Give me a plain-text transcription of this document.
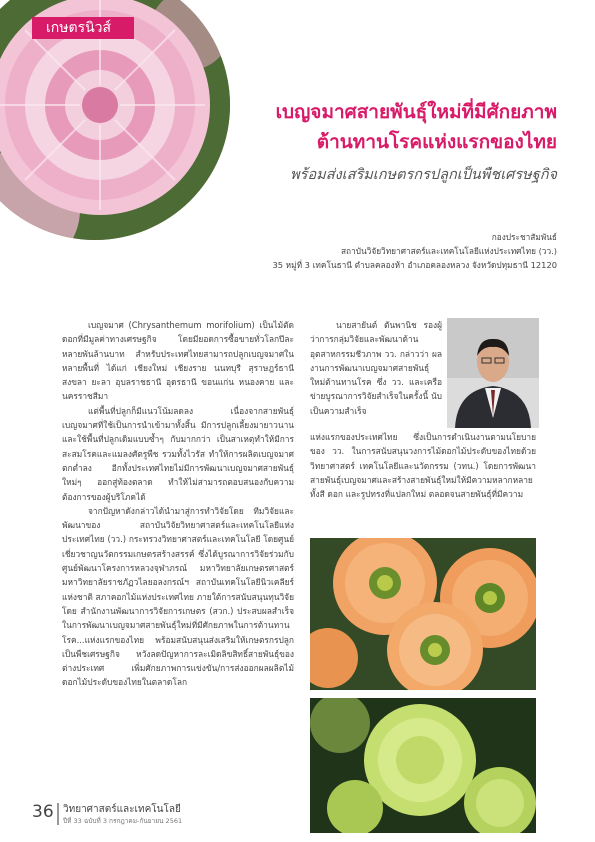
เกษตรนิวส์
เบญจมาศสายพันธุ์ใหม่ที่มีศักยภาพ
ต้านทานโรคแห่งแรกของไทย
พร้อมส่งเสริมเกษตรกรปลูกเป็นพืชเศรษฐกิจ
กองประชาสัมพันธ์
สถาบันวิจัยวิทยาศาสตร์และเทคโนโลยีแห่งประเทศไทย (วว.)
35 หมู่ที่ 3 เทคโนธานี ตำบลคลองห้า อำเภอคลองหลวง จังหวัดปทุมธานี 12120

เบญจมาศ (Chrysanthemum morifolium) เป็นไม้ตัดดอกที่มีมูลค่าทางเศรษฐกิจ โดยมียอดการซื้อขายทั่วโลกปีละหลายพันล้านบาท สำหรับประเทศไทยสามารถปลูกเบญจมาศในหลายพื้นที่ ได้แก่ เชียงใหม่ เชียงราย นนทบุรี สุราษฎร์ธานี สงขลา ยะลา อุบลราชธานี อุดรธานี ขอนแก่น หนองคาย และนครราชสีมา

แต่พื้นที่ปลูกก็มีแนวโน้มลดลง เนื่องจากสายพันธุ์เบญจมาศที่ใช้เป็นการนำเข้ามาทั้งสิ้น มีการปลูกเลี้ยงมายาวนานและใช้พื้นที่ปลูกเดิมแบบซ้ำๆ กับมากกว่า เป็นสาเหตุทำให้มีการสะสมโรคและแมลงศัตรูพืช รวมทั้งไวรัส ทำให้การผลิตเบญจมาศตกต่ำลง อีกทั้งประเทศไทยไม่มีการพัฒนาเบญจมาศสายพันธุ์ใหม่ๆ ออกสู่ท้องตลาด ทำให้ไม่สามารถตอบสนองกับความต้องการของผู้บริโภคได้

จากปัญหาดังกล่าวได้นำมาสู่การทำวิจัยโดย ทีมวิจัยและพัฒนาของ สถาบันวิจัยวิทยาศาสตร์และเทคโนโลยีแห่งประเทศไทย (วว.) กระทรวงวิทยาศาสตร์และเทคโนโลยี โดยศูนย์เชี่ยวชาญนวัตกรรมเกษตรสร้างสรรค์ ซึ่งได้บูรณาการวิจัยร่วมกับศูนย์พัฒนาโครงการหลวงจุฬาภรณ์ มหาวิทยาลัยเกษตรศาสตร์ มหาวิทยาลัยราชภัฏวไลยอลงกรณ์ฯ สถาบันเทคโนโลยีนิวเคลียร์แห่งชาติ สภาคอกไม้แห่งประเทศไทย ภายใต้การสนับสนุนทุนวิจัยโดย สำนักงานพัฒนาการวิจัยการเกษตร (สวก.) ประสบผลสำเร็จในการพัฒนาเบญจมาศสายพันธุ์ใหม่ที่มีศักยภาพในการต้านทานโรค...แห่งแรกของไทย พร้อมสนับสนุนส่งเสริมให้เกษตรกรปลูกเป็นพืชเศรษฐกิจ หวังลดปัญหาการละเมิดลิขสิทธิ์สายพันธุ์ของต่างประเทศ เพิ่มศักยภาพการแข่งขัน/การส่งออกผลผลิตไม้ดอกไม้ประดับของไทยในตลาดโลก

นายสายันต์ ตันพานิช รองผู้ว่าการกลุ่มวิจัยและพัฒนาด้านอุตสาหกรรมชีวภาพ วว. กล่าวว่า ผลงานการพัฒนาเบญจมาศสายพันธุ์ใหม่ต้านทานโรค ซึ่ง วว. และเครือข่ายบูรณาการวิจัยสำเร็จในครั้งนี้ นับเป็นความสำเร็จ

แห่งแรกของประเทศไทย ซึ่งเป็นการดำเนินงานตามนโยบายของ วว. ในการสนับสนุนวงการไม้ดอกไม้ประดับของไทยด้วยวิทยาศาสตร์ เทคโนโลยีและนวัตกรรม (วทน.) โดยการพัฒนาสายพันธุ์เบญจมาศและสร้างสายพันธุ์ใหม่ให้มีความหลากหลายทั้งสี ดอก และรูปทรงที่แปลกใหม่ ตลอดจนสายพันธุ์ที่มีความ

36 วิทยาศาสตร์และเทคโนโลยี
ปีที่ 33 ฉบับที่ 3 กรกฎาคม-กันยายน 2561
